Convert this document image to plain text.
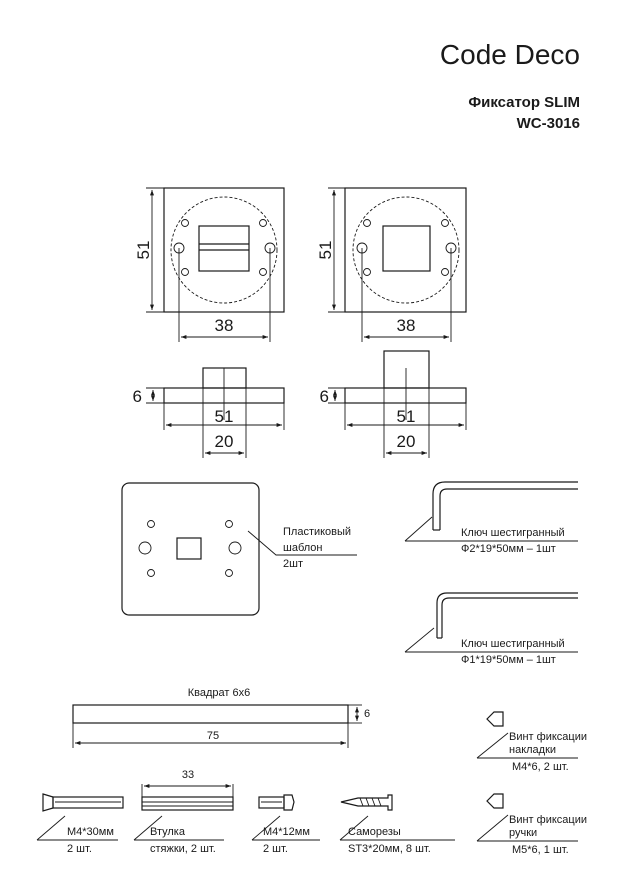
Code Deco
Фиксатор SLIM
WC-3016
51
38
51
38
6
51
20
6
51
20
Пластиковый
шаблон
2шт
Ключ шестигранный
Ф2*19*50мм – 1шт
Ключ шестигранный
Ф1*19*50мм – 1шт
Квадрат 6х6
6
75	Винт фиксации
накладки
М4*6, 2 шт.
Винт фиксации
ручки
М5*6, 1 шт.
М4*30мм
2 шт.
33
Втулка
стяжки, 2 шт.
М4*12мм
2 шт.
Саморезы
ST3*20мм, 8 шт.
